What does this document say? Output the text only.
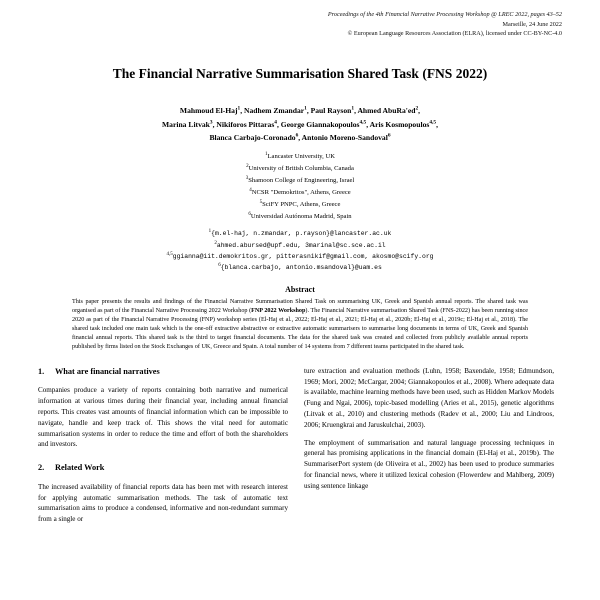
Proceedings of the 4th Financial Narrative Processing Workshop @ LREC 2022, pages 43–52
Marseille, 24 June 2022
© European Language Resources Association (ELRA), licensed under CC-BY-NC-4.0
The Financial Narrative Summarisation Shared Task (FNS 2022)
Mahmoud El-Haj$^1$, Nadhem Zmandar$^1$, Paul Rayson$^1$, Ahmed $AbuRa'ed^2$,
Marina Litvak$^3$, Nikiforos Pittaras$^4$, George Giannakopoulos$^{4,5}$, Aris Kosmopoulos$^{4,5}$,
Blanca Carbajo-Coronado$^6$, Antonio Moreno-Sandoval$^6$
$^1$Lancaster University, UK
$^2$University of British Columbia, Canada
$^3$Shamoon College of Engineering, Israel
$^4$NCSR "Demokritos", Athens, Greece
$^5$SciFY PNPC, Athens, Greece
$^6$Universidad Autónoma Madrid, Spain
$^1${m.el-haj, n.zmandar, p.rayson}@lancaster.ac.uk
$^2$ahmed.abursed@upf.edu, 3marinal@sc.sce.ac.il
$^{4,5}$ggianna@iit.demokritos.gr, pitterasnikif@gmail.com, akosmo@scify.org
$^6${blanca.carbajo, antonio.msandoval}@uam.es
Abstract
This paper presents the results and findings of the Financial Narrative Summarisation Shared Task on summarising UK, Greek and Spanish annual reports. The shared task was organised as part of the Financial Narrative Processing 2022 Workshop (FNP 2022 Workshop). The Financial Narrative summarisation Shared Task (FNS-2022) has been running since 2020 as part of the Financial Narrative Processing (FNP) workshop series (El-Haj et al., 2022; El-Haj et al., 2021; El-Haj et al., 2020b; El-Haj et al., 2019c; El-Haj et al., 2018). The shared task included one main task which is the one-off extractive abstractive or extractive automatic summarisers to summarise long documents in terms of UK, Greek and Spanish financial annual reports. This shared task is the third to target financial documents. The data for the shared task was created and collected from publicly available annual reports published by firms listed on the Stock Exchanges of UK, Greece and Spain. A total number of 14 systems from 7 different teams participated in the shared task.
1. What are financial narratives

Companies produce a variety of reports containing both narrative and numerical information at various times during their financial year, including annual financial reports. This creates vast amounts of financial information which can be impossible to navigate, handle and keep track of. This shows the vital need for automatic summarisation systems in order to reduce the time and effort of both the shareholders and investors.

2. Related Work

The increased availability of financial reports data has been met with research interest for applying automatic summarisation methods. The task of automatic text summarisation aims to produce a condensed, informative and non-redundant summary from a single or

ture extraction and evaluation methods (Luhn, 1958; Baxendale, 1958; Edmundson, 1969; Mori, 2002; McCargar, 2004; Giannakopoulos et al., 2008). Where adequate data is available, machine learning methods have been used, such as Hidden Markov Models (Fung and Ngai, 2006), topic-based modelling (Aries et al., 2015), genetic algorithms (Litvak et al., 2010) and clustering methods (Radev et al., 2000; Liu and Lindroos, 2006; Kruengkrai and Jaruskulchai, 2003).

The employment of summarisation and natural language processing techniques in general has promising applications in the financial domain (El-Haj et al., 2019b). The SummariserPort system (de Oliveira et al., 2002) has been used to produce summaries for financial news, where it utilized lexical cohesion (Flowerdew and Mahlberg, 2009) using sentence linkage
